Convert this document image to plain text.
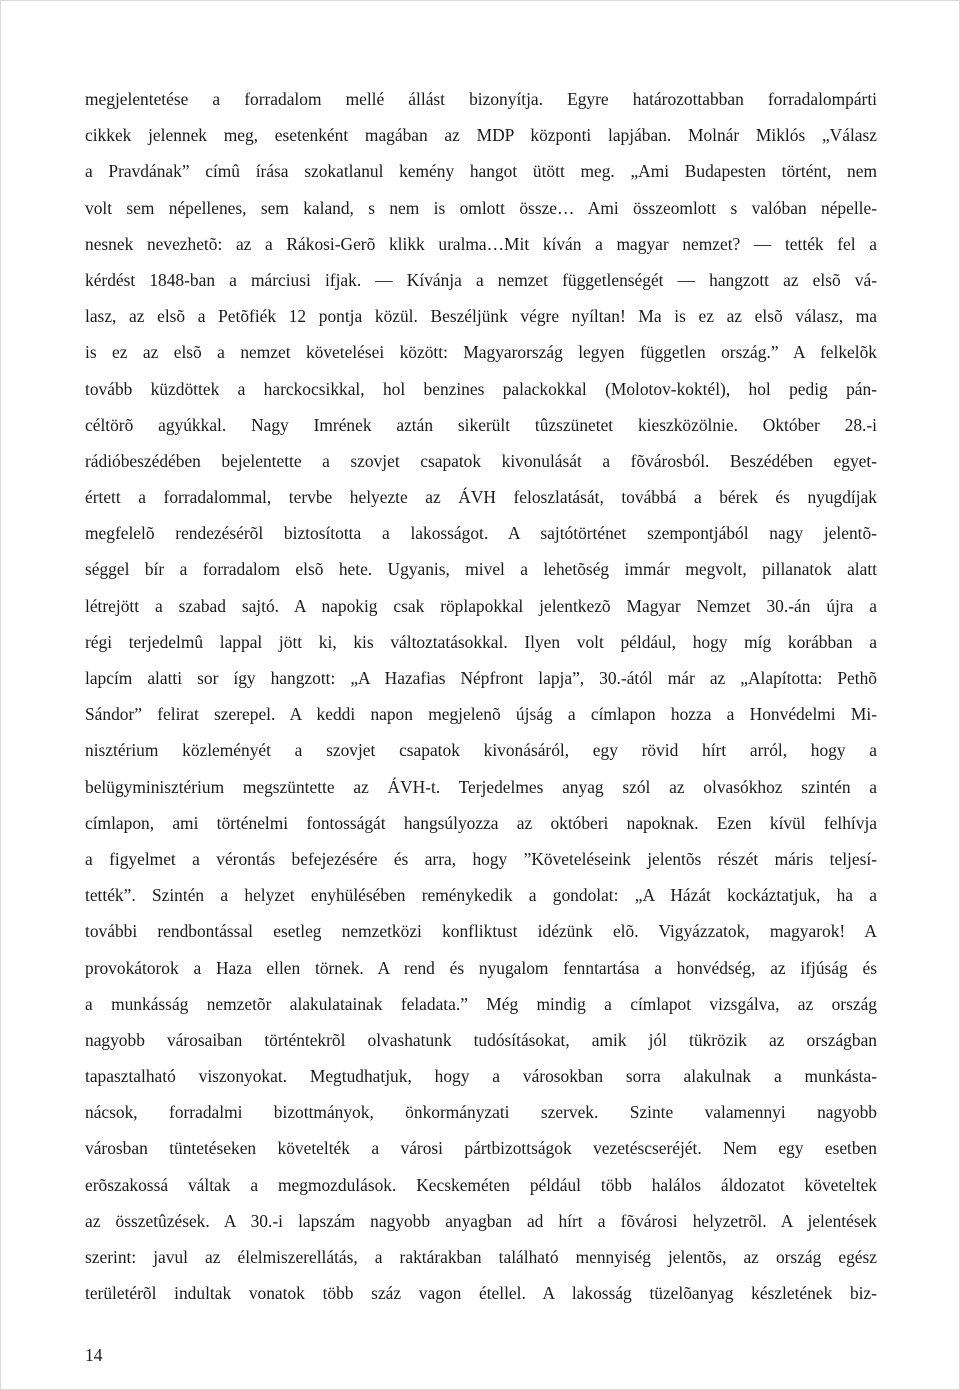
megjelentetése a forradalom mellé állást bizonyítja. Egyre határozottabban forradalompárti
cikkek jelennek meg, esetenként magában az MDP központi lapjában. Molnár Miklós „Válasz
a Pravdának” címû írása szokatlanul kemény hangot ütött meg. „Ami Budapesten történt, nem
volt sem népellenes, sem kaland, s nem is omlott össze… Ami összeomlott s valóban népelle-
nesnek nevezhetõ: az a Rákosi-Gerõ klikk uralma…Mit kíván a magyar nemzet? — tették fel a
kérdést 1848-ban a márciusi ifjak. — Kívánja a nemzet függetlenségét — hangzott az elsõ vá-
lasz, az elsõ a Petõfiék 12 pontja közül. Beszéljünk végre nyíltan! Ma is ez az elsõ válasz, ma
is ez az elsõ a nemzet követelései között: Magyarország legyen független ország.” A felkelõk
tovább küzdöttek a harckocsikkal, hol benzines palackokkal (Molotov-koktél), hol pedig pán-
céltörõ agyúkkal. Nagy Imrének aztán sikerült tûzszünetet kieszközölnie. Október 28.-i
rádióbeszédében bejelentette a szovjet csapatok kivonulását a fõvárosból. Beszédében egyet-
értett a forradalommal, tervbe helyezte az ÁVH feloszlatását, továbbá a bérek és nyugdíjak
megfelelõ rendezésérõl biztosította a lakosságot. A sajtótörténet szempontjából nagy jelentõ-
séggel bír a forradalom elsõ hete. Ugyanis, mivel a lehetõség immár megvolt, pillanatok alatt
létrejött a szabad sajtó. A napokig csak röplapokkal jelentkezõ Magyar Nemzet 30.-án újra a
régi terjedelmû lappal jött ki, kis változtatásokkal. Ilyen volt például, hogy míg korábban a
lapcím alatti sor így hangzott: „A Hazafias Népfront lapja”, 30.-ától már az „Alapította: Pethõ
Sándor” felirat szerepel. A keddi napon megjelenõ újság a címlapon hozza a Honvédelmi Mi-
nisztérium közleményét a szovjet csapatok kivonásáról, egy rövid hírt arról, hogy a
belügyminisztérium megszüntette az ÁVH-t. Terjedelmes anyag szól az olvasókhoz szintén a
címlapon, ami történelmi fontosságát hangsúlyozza az októberi napoknak. Ezen kívül felhívja
a figyelmet a vérontás befejezésére és arra, hogy ”Követeléseink jelentõs részét máris teljesí-
tették”. Szintén a helyzet enyhülésében reménykedik a gondolat: „A Házát kockáztatjuk, ha a
további rendbontással esetleg nemzetközi konfliktust idézünk elõ. Vigyázzatok, magyarok! A
provokátorok a Haza ellen törnek. A rend és nyugalom fenntartása a honvédség, az ifjúság és
a munkásság nemzetõr alakulatainak feladata.” Még mindig a címlapot vizsgálva, az ország
nagyobb városaiban történtekrõl olvashatunk tudósításokat, amik jól tükrözik az országban
tapasztalható viszonyokat. Megtudhatjuk, hogy a városokban sorra alakulnak a munkásta-
nácsok, forradalmi bizottmányok, önkormányzati szervek. Szinte valamennyi nagyobb
városban tüntetéseken követelték a városi pártbizottságok vezetéscseréjét. Nem egy esetben
erõszakossá váltak a megmozdulások. Kecskeméten például több halálos áldozatot követeltek
az összetûzések. A 30.-i lapszám nagyobb anyagban ad hírt a fõvárosi helyzetrõl. A jelentések
szerint: javul az élelmiszerellátás, a raktárakban található mennyiség jelentõs, az ország egész
területérõl indultak vonatok több száz vagon étellel. A lakosság tüzelõanyag készletének biz-
14
